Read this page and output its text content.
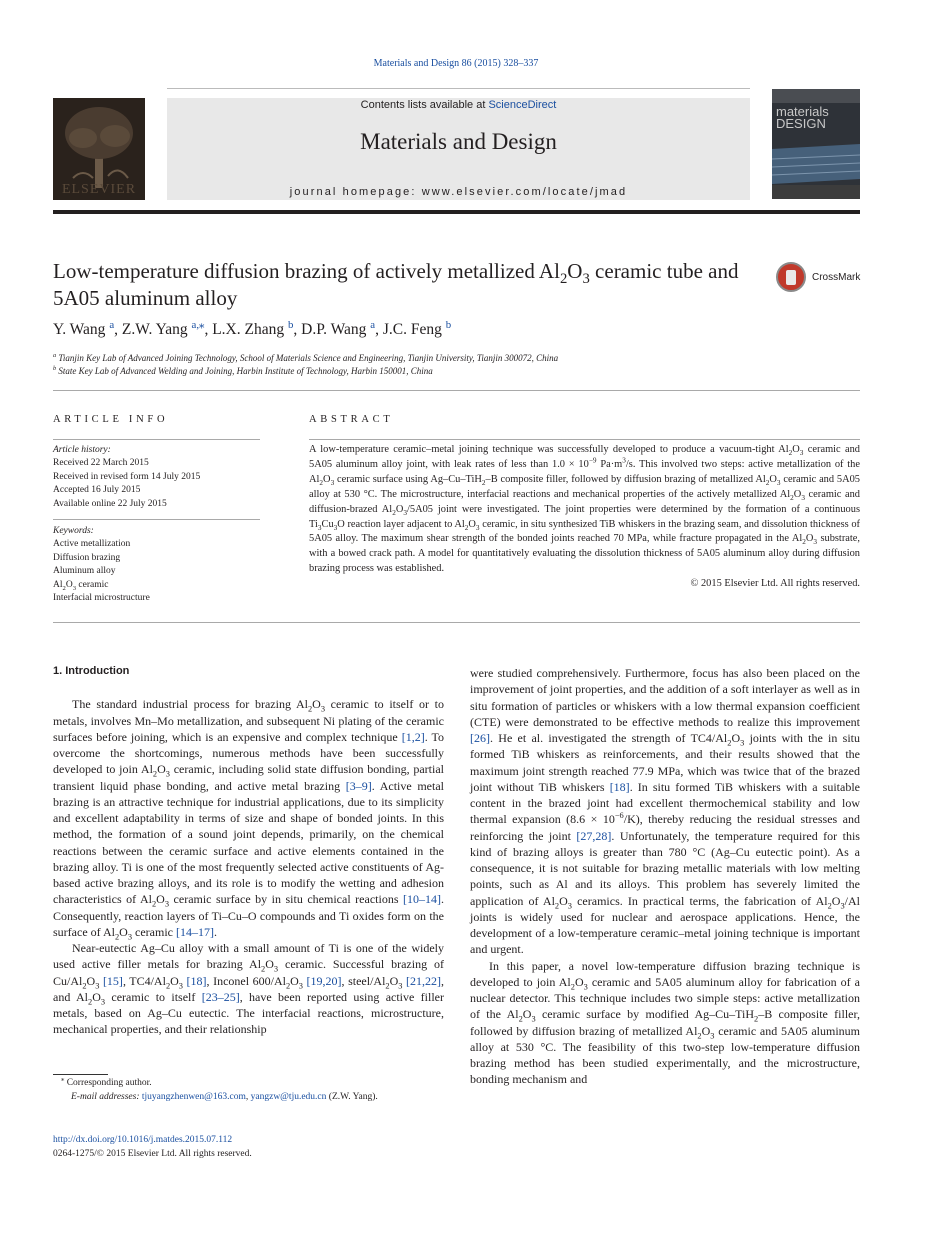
Materials and Design 86 (2015) 328–337
ELSEVIER
Contents lists available at ScienceDirect
Materials and Design
journal homepage: www.elsevier.com/locate/jmad
materials DESIGN
Low-temperature diffusion brazing of actively metallized $Al_2O_3$ ceramic tube and 5A05 aluminum alloy
CrossMark
Y. Wang $^a$, Z.W. Yang $^{a,⁎}$, L.X. Zhang $^b$, D.P. Wang $^a$, J.C. Feng $^b$
$^a$ Tianjin Key Lab of Advanced Joining Technology, School of Materials Science and Engineering, Tianjin University, Tianjin 300072, China
$^b$ State Key Lab of Advanced Welding and Joining, Harbin Institute of Technology, Harbin 150001, China
ARTICLE INFO	ABSTRACT
Article history:
Received 22 March 2015
Received in revised form 14 July 2015
Accepted 16 July 2015
Available online 22 July 2015
Keywords:
Active metallization
Diffusion brazing
Aluminum alloy
$Al_2O_3$ ceramic
Interfacial microstructure
A low-temperature ceramic–metal joining technique was successfully developed to produce a vacuum-tight $Al_2O_3$ ceramic and 5A05 aluminum alloy joint, with leak rates of less than $1.0 \times 10^{-9}$ $Pa\cdot m^3/s$. This involved two steps: active metallization of the $Al_2O_3$ ceramic surface using Ag–Cu–TiH$_2$–B composite filler, followed by diffusion brazing of metallized $Al_2O_3$ ceramic and 5A05 alloy at 530 °C. The microstructure, interfacial reactions and mechanical properties of the actively metallized $Al_2O_3$ ceramic and diffusion-brazed $Al_2O_3/5A05$ joint were investigated. The joint properties were determined by the formation of a continuous $Ti_3Cu_3O$ reaction layer adjacent to $Al_2O_3$ ceramic, in situ synthesized TiB whiskers in the brazing seam, and dissolution thickness of 5A05 alloy. The maximum shear strength of the bonded joints reached 70 MPa, while fracture propagated in the $Al_2O_3$ substrate, with a bowed crack path. A model for quantitatively evaluating the dissolution thickness of 5A05 aluminum alloy during diffusion brazing process was established.
© 2015 Elsevier Ltd. All rights reserved.
1. Introduction

The standard industrial process for brazing $Al_2O_3$ ceramic to itself or to metals, involves Mn–Mo metallization, and subsequent Ni plating of the ceramic surfaces before joining, which is an expensive and complex technique [1,2]. To overcome the shortcomings, numerous methods have been successfully developed to join $Al_2O_3$ ceramic, including solid state diffusion bonding, partial transient liquid phase bonding, and active metal brazing [3–9]. Active metal brazing is an attractive technique for industrial applications, due to its simplicity and excellent adaptability in terms of size and shape of bonded joints. In this method, the formation of a sound joint depends, primarily, on the chemical reactions between the ceramic surface and active elements contained in the brazing alloy. Ti is one of the most frequently selected active constituents of Ag-based active brazing alloys, and its role is to modify the wetting and adhesion characteristics of $Al_2O_3$ ceramic surface by in situ chemical reactions [10–14]. Consequently, reaction layers of Ti–Cu–O compounds and Ti oxides form on the surface of $Al_2O_3$ ceramic [14–17].

Near-eutectic Ag–Cu alloy with a small amount of Ti is one of the widely used active filler metals for brazing $Al_2O_3$ ceramic. Successful brazing of $Cu/Al_2O_3$ [15], $TC4/Al_2O_3$ [18], Inconel $600/Al_2O_3$ [19,20], steel/$Al_2O_3$ [21,22], and $Al_2O_3$ ceramic to itself [23–25], have been reported using active filler metals, based on Ag–Cu eutectic. The interfacial reactions, microstructure, mechanical properties, and their relationship

were studied comprehensively. Furthermore, focus has also been placed on the improvement of joint properties, and the addition of a soft interlayer as well as in situ formation of particles or whiskers with a low thermal expansion coefficient (CTE) were demonstrated to be effective methods to realize this improvement [26]. He et al. investigated the strength of $TC4/Al_2O_3$ joints with the in situ formed TiB whiskers as reinforcements, and their results showed that the maximum joint strength reached 77.9 MPa, which was twice that of the brazed joint without TiB whiskers [18]. In situ formed TiB whiskers with a suitable content in the brazed joint had excellent thermochemical stability and low thermal expansion $(8.6 \times 10^{-6}/K)$, thereby reducing the residual stresses and reinforcing the joint [27,28]. Unfortunately, the temperature required for this kind of brazing alloys is greater than 780 °C (Ag–Cu eutectic point). As a consequence, it is not suitable for brazing metallic materials with low melting points, such as Al and its alloys. This problem has severely limited the application of $Al_2O_3$ ceramics. In practical terms, the fabrication of $Al_2O_3/Al$ joints is widely used for nuclear and aerospace applications. Hence, the development of a low-temperature ceramic–metal joining technique is important and urgent.

In this paper, a novel low-temperature diffusion brazing technique is developed to join $Al_2O_3$ ceramic and 5A05 aluminum alloy for fabrication of a nuclear detector. This technique includes two simple steps: active metallization of the $Al_2O_3$ ceramic surface by modified Ag–Cu–TiH$_2$–B composite filler, followed by diffusion brazing of metallized $Al_2O_3$ ceramic and 5A05 aluminum alloy at 530 °C. The feasibility of this two-step low-temperature diffusion brazing method has been studied experimentally, and the microstructure, bonding mechanism and

⁎ Corresponding author.
E-mail addresses: tjuyangzhenwen@163.com, yangzw@tju.edu.cn (Z.W. Yang).
http://dx.doi.org/10.1016/j.matdes.2015.07.112
0264-1275/© 2015 Elsevier Ltd. All rights reserved.
